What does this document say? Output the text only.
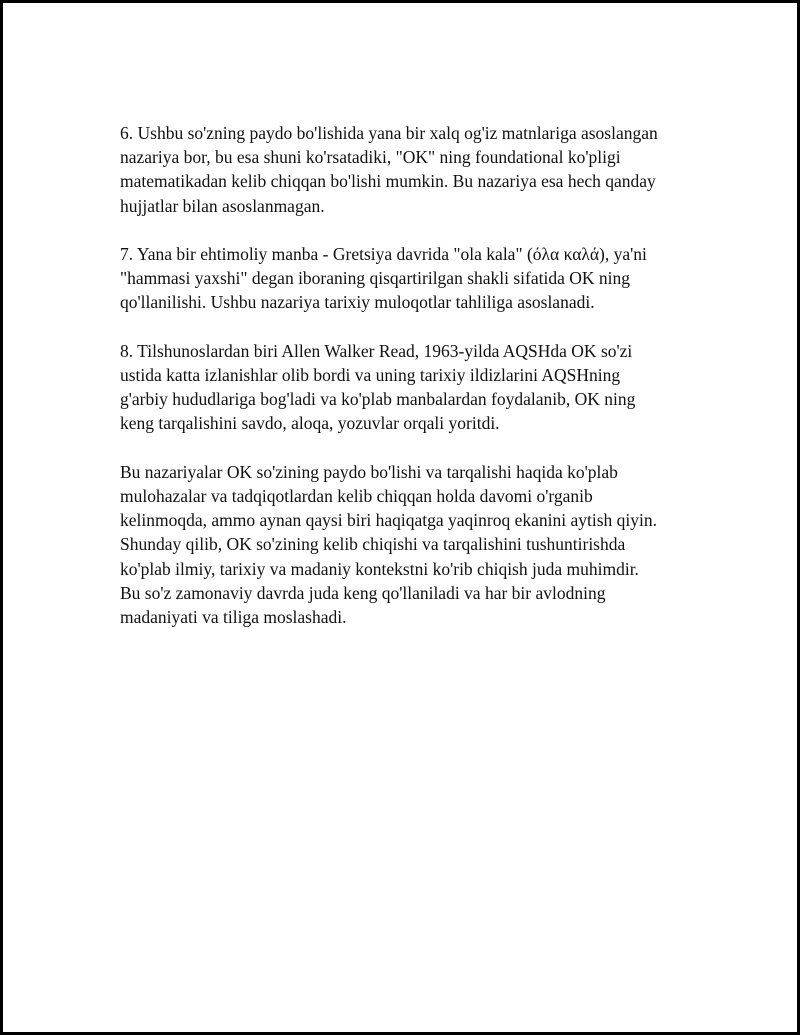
6. Ushbu so'zning paydo bo'lishida yana bir xalq og'iz matnlariga asoslangan
nazariya bor, bu esa shuni ko'rsatadiki, "OK" ning foundational ko'pligi
matematikadan kelib chiqqan bo'lishi mumkin. Bu nazariya esa hech qanday
hujjatlar bilan asoslanmagan.

7. Yana bir ehtimoliy manba - Gretsiya davrida "ola kala" (όλα καλά), ya'ni
"hammasi yaxshi" degan iboraning qisqartirilgan shakli sifatida OK ning
qo'llanilishi. Ushbu nazariya tarixiy muloqotlar tahliliga asoslanadi.

8. Tilshunoslardan biri Allen Walker Read, 1963-yilda AQSHda OK so'zi
ustida katta izlanishlar olib bordi va uning tarixiy ildizlarini AQSHning
g'arbiy hududlariga bog'ladi va ko'plab manbalardan foydalanib, OK ning
keng tarqalishini savdo, aloqa, yozuvlar orqali yoritdi.

Bu nazariyalar OK so'zining paydo bo'lishi va tarqalishi haqida ko'plab
mulohazalar va tadqiqotlardan kelib chiqqan holda davomi o'rganib
kelinmoqda, ammo aynan qaysi biri haqiqatga yaqinroq ekanini aytish qiyin.
Shunday qilib, OK so'zining kelib chiqishi va tarqalishini tushuntirishda
ko'plab ilmiy, tarixiy va madaniy kontekstni ko'rib chiqish juda muhimdir.
Bu so'z zamonaviy davrda juda keng qo'llaniladi va har bir avlodning
madaniyati va tiliga moslashadi.
